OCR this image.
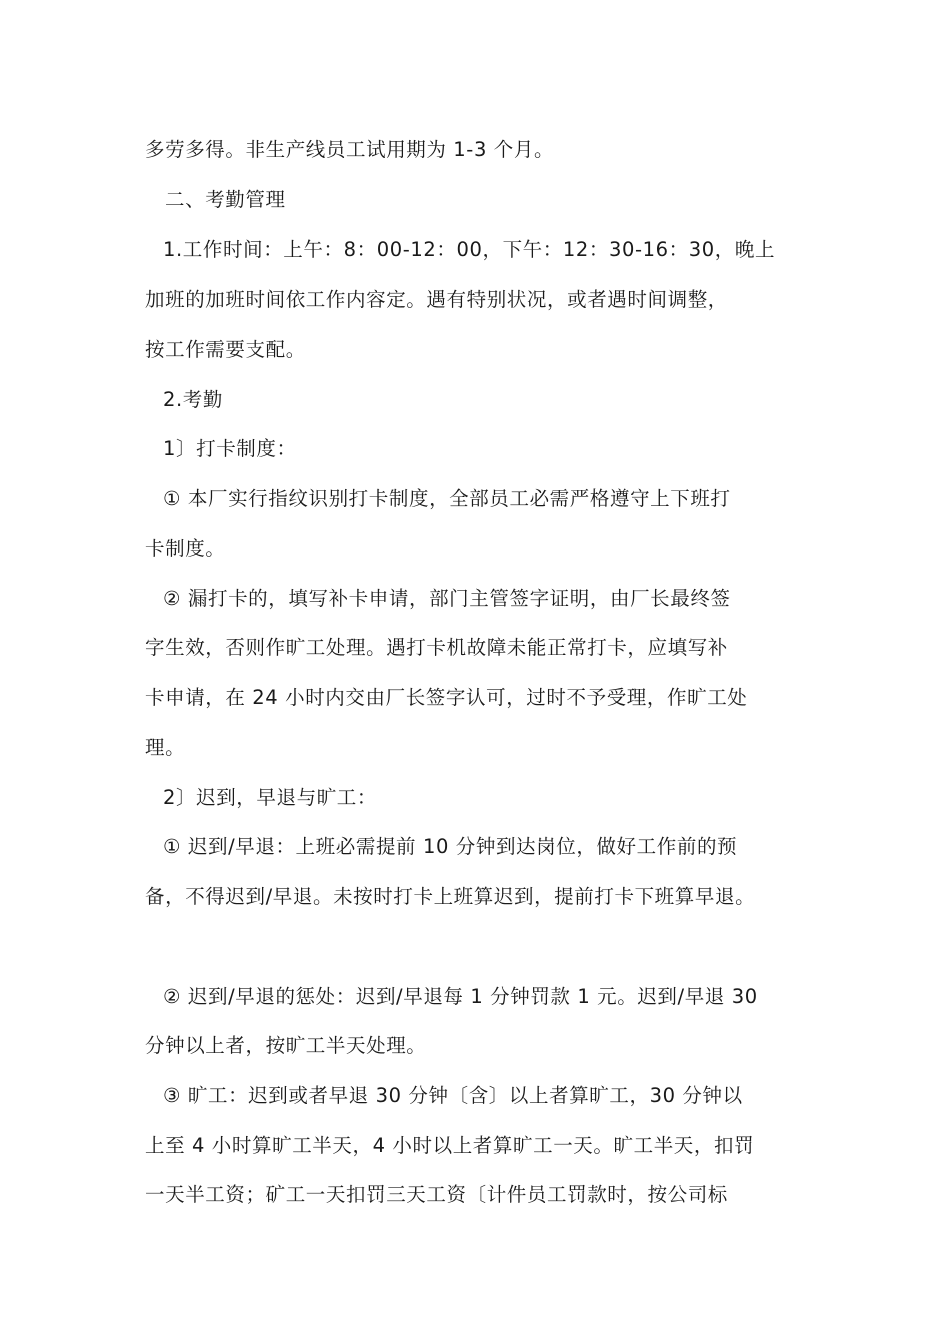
多劳多得。非生产线员工试用期为 1-3 个月。
二、考勤管理
1.工作时间：上午：8：00-12：00，下午：12：30-16：30，晚上
加班的加班时间依工作内容定。遇有特别状况，或者遇时间调整，
按工作需要支配。
2.考勤
1〕打卡制度：
① 本厂实行指纹识别打卡制度，全部员工必需严格遵守上下班打
卡制度。
② 漏打卡的，填写补卡申请，部门主管签字证明，由厂长最终签
字生效，否则作旷工处理。遇打卡机故障未能正常打卡，应填写补
卡申请，在 24 小时内交由厂长签字认可，过时不予受理，作旷工处
理。
2〕迟到，早退与旷工：
① 迟到/早退：上班必需提前 10 分钟到达岗位，做好工作前的预
备，不得迟到/早退。未按时打卡上班算迟到，提前打卡下班算早退。
② 迟到/早退的惩处：迟到/早退每 1 分钟罚款 1 元。迟到/早退 30
分钟以上者，按旷工半天处理。
③ 旷工：迟到或者早退 30 分钟〔含〕以上者算旷工，30 分钟以
上至 4 小时算旷工半天，4 小时以上者算旷工一天。旷工半天，扣罚
一天半工资；矿工一天扣罚三天工资〔计件员工罚款时，按公司标
